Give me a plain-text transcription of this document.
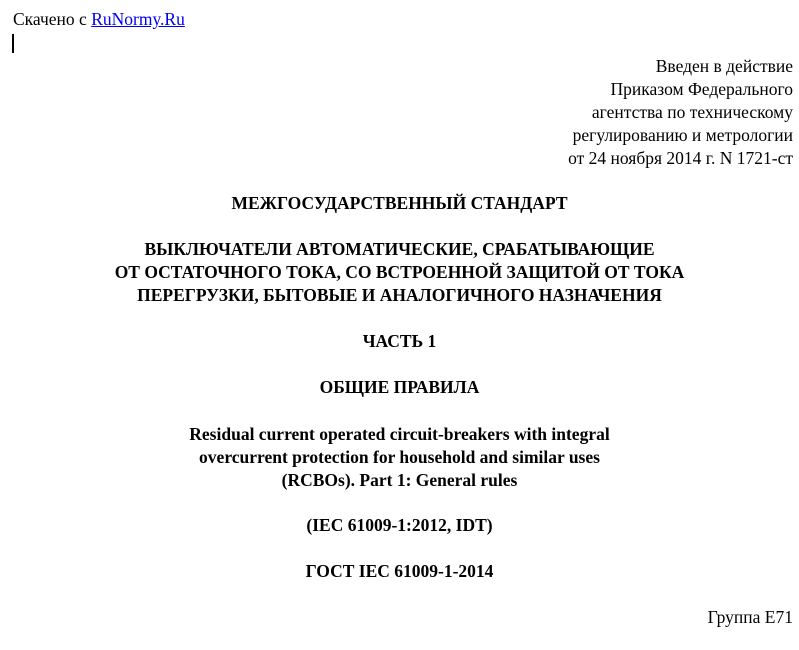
Скачено с RuNormy.Ru
Введен в действие
Приказом Федерального
агентства по техническому
регулированию и метрологии
от 24 ноября 2014 г. N 1721-ст
МЕЖГОСУДАРСТВЕННЫЙ СТАНДАРТ
ВЫКЛЮЧАТЕЛИ АВТОМАТИЧЕСКИЕ, СРАБАТЫВАЮЩИЕ
ОТ ОСТАТОЧНОГО ТОКА, СО ВСТРОЕННОЙ ЗАЩИТОЙ ОТ ТОКА
ПЕРЕГРУЗКИ, БЫТОВЫЕ И АНАЛОГИЧНОГО НАЗНАЧЕНИЯ
ЧАСТЬ 1
ОБЩИЕ ПРАВИЛА
Residual current operated circuit-breakers with integral
overcurrent protection for household and similar uses
(RCBOs). Part 1: General rules
(IEC 61009-1:2012, IDT)
ГОСТ IEC 61009-1-2014
Группа Е71
